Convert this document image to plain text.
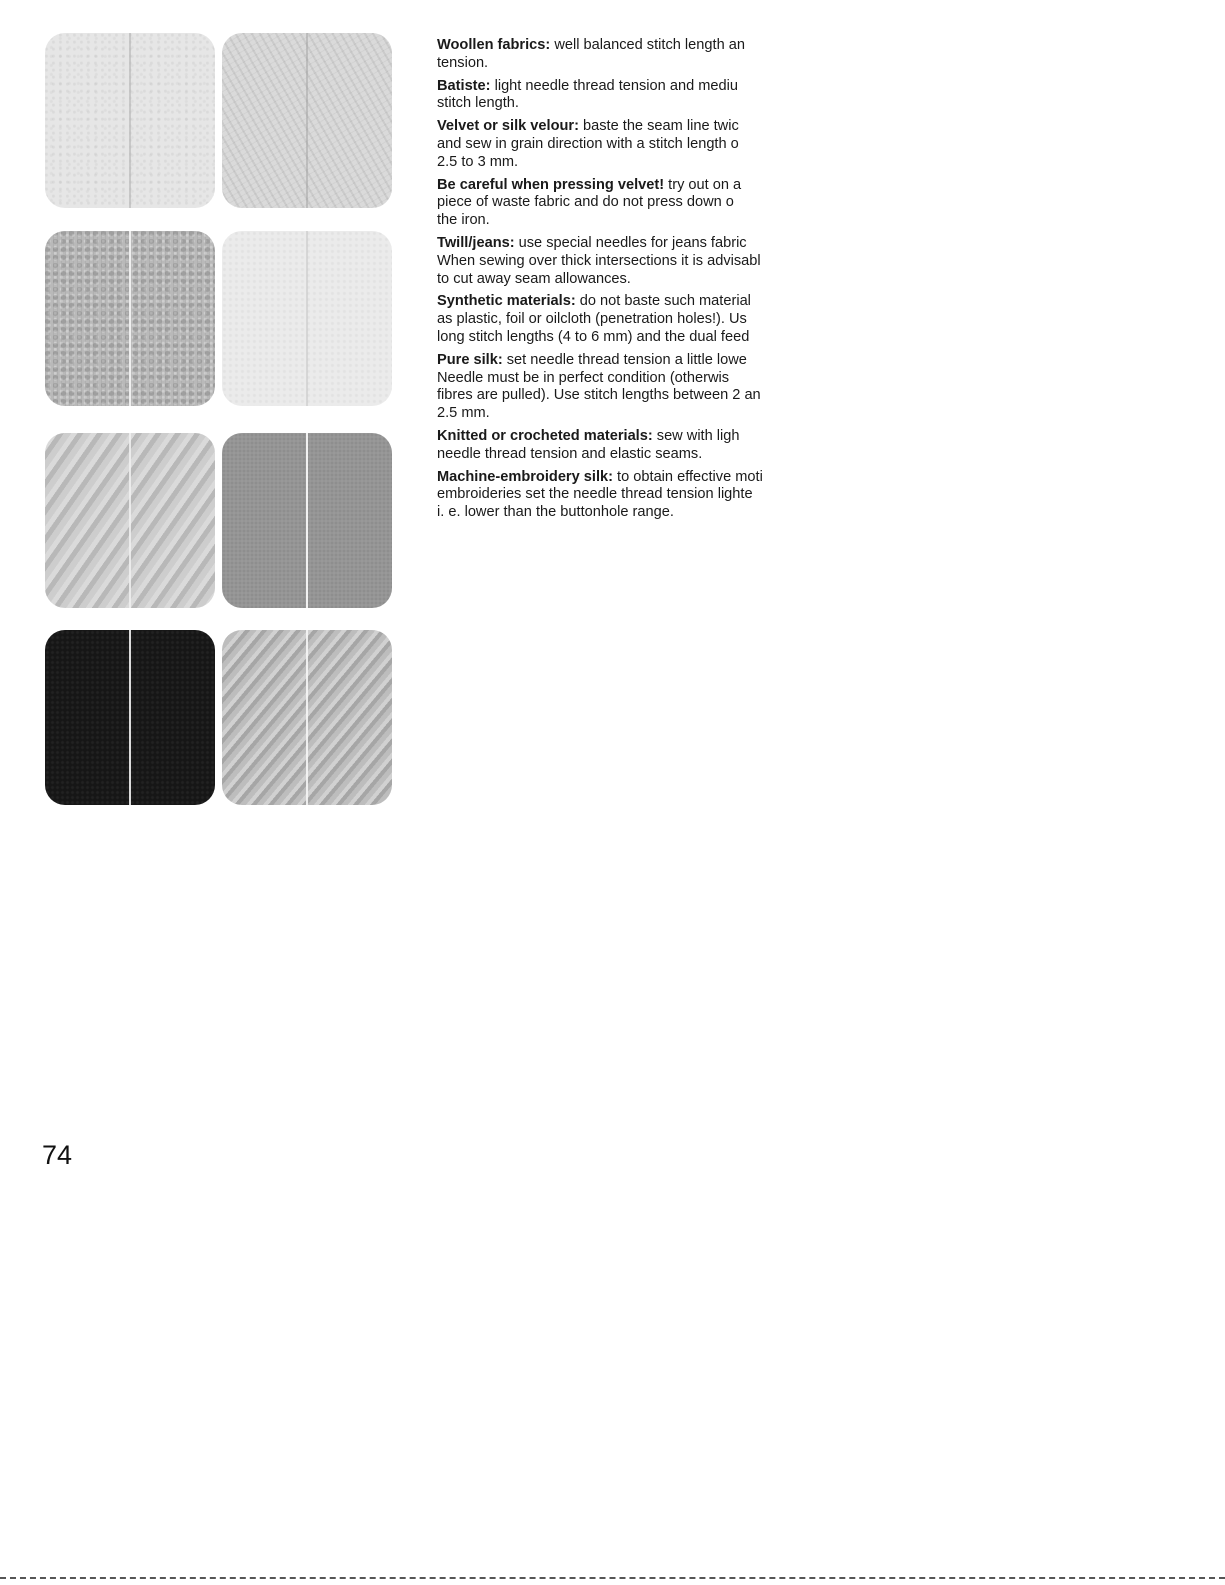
Woollen fabrics: well balanced stitch length an
tension.

Batiste: light needle thread tension and mediu
stitch length.

Velvet or silk velour: baste the seam line twic
and sew in grain direction with a stitch length o
2.5 to 3 mm.

Be careful when pressing velvet! try out on a
piece of waste fabric and do not press down o
the iron.

Twill/jeans: use special needles for jeans fabric
When sewing over thick intersections it is advisabl
to cut away seam allowances.

Synthetic materials: do not baste such material
as plastic, foil or oilcloth (penetration holes!). Us
long stitch lengths (4 to 6 mm) and the dual feed

Pure silk: set needle thread tension a little lowe
Needle must be in perfect condition (otherwis
fibres are pulled). Use stitch lengths between 2 an
2.5 mm.

Knitted or crocheted materials: sew with ligh
needle thread tension and elastic seams.

Machine-embroidery silk: to obtain effective moti
embroideries set the needle thread tension lighte
i. e. lower than the buttonhole range.

74
